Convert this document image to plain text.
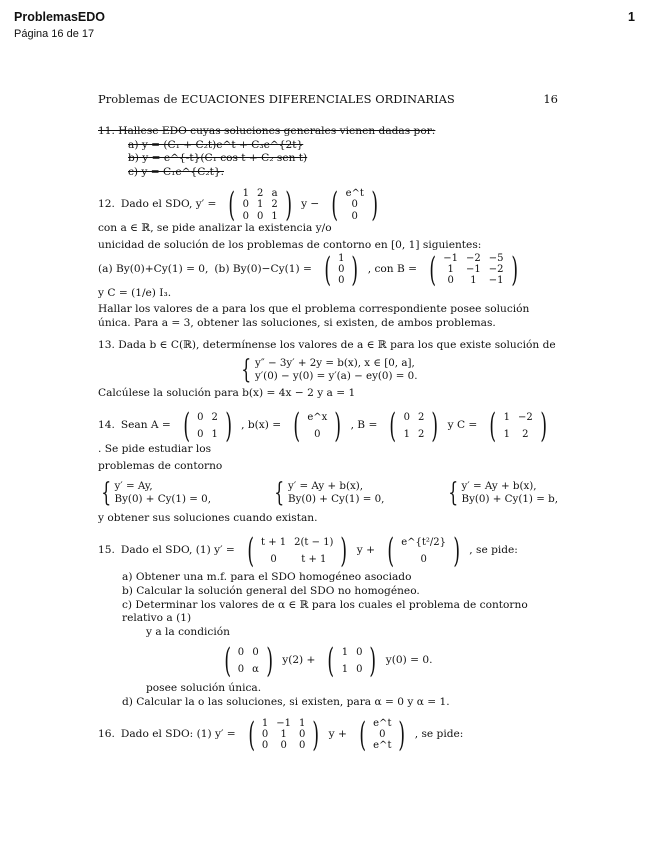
ProblemasEDO	1
Página 16 de 17
Problemas de ECUACIONES DIFERENCIALES ORDINARIAS	16
11. Hallese EDO cuyas soluciones generales vienen dadas por:
a) y = (C₁ + C₂t)e^t + C₃e^{2t}
b) y = e^{-t}(C₁ cos t + C₂ sen t)
c) y = C₁e^{C₂t}.
12. Dado el SDO, y′ = ( 1	2	a
0	1	2
0	0	1 ) y − ( e^t
0
0 )
con a ∈ ℝ, se pide analizar la existencia y/o
unicidad de solución de los problemas de contorno en [0, 1] siguientes:
(a) By(0)+Cy(1) = 0, (b) By(0)−Cy(1) = ( 1
0
0 ) , con B = ( −1	−2	−5
1	−1	−2
0	1	−1 )
y C = (1/e) I₃.
Hallar los valores de a para los que el problema correspondiente posee solución única. Para a = 3, obtener las soluciones, si existen, de ambos problemas.
13. Dada b ∈ C(ℝ), determínense los valores de a ∈ ℝ para los que existe solución de
{ y″ − 3y′ + 2y = b(x), x ∈ [0, a],
y′(0) − y(0) = y′(a) − ey(0) = 0.
Calcúlese la solución para b(x) = 4x − 2 y a = 1
14. Sean A = ( 0	2
0	1 ) , b(x) = ( e^x
0 ) , B = ( 0	2
1	2 ) y C = ( 1	−2
1	2 )
. Se pide estudiar los
problemas de contorno
{ y′ = Ay,
By(0) + Cy(1) = 0, { y′ = Ay + b(x),
By(0) + Cy(1) = 0, { y′ = Ay + b(x),
By(0) + Cy(1) = b,
y obtener sus soluciones cuando existan.
15. Dado el SDO, (1) y′ = ( t + 1	2(t − 1)
0	t + 1 ) y + ( e^{t²/2}
0 ) , se pide:
a) Obtener una m.f. para el SDO homogéneo asociado
b) Calcular la solución general del SDO no homogéneo.
c) Determinar los valores de α ∈ ℝ para los cuales el problema de contorno relativo a (1)
y a la condición
( 0	0
0	α ) y(2) + ( 1	0
1	0 ) y(0) = 0.
posee solución única.
d) Calcular la o las soluciones, si existen, para α = 0 y α = 1.
16. Dado el SDO: (1) y′ = ( 1	−1	1
0	1	0
0	0	0 ) y + ( e^t
0
e^t ) , se pide:
